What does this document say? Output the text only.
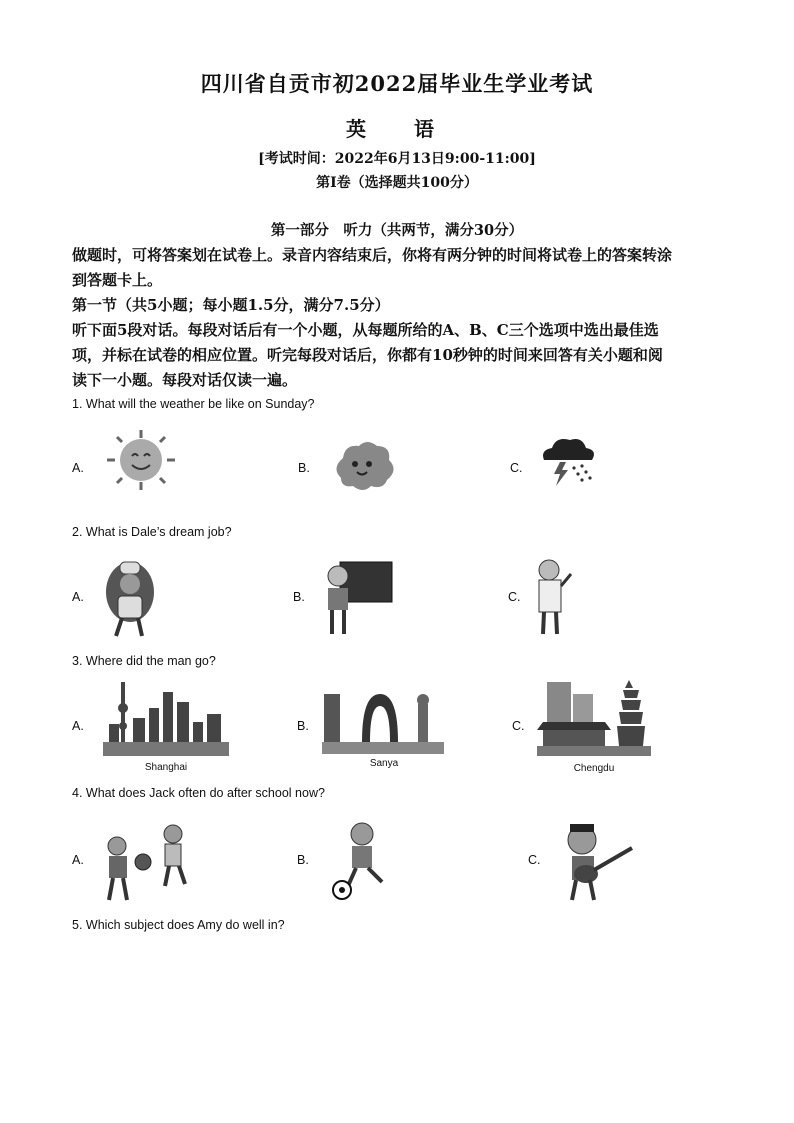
四川省自贡市初2022届毕业生学业考试
英　语
[考试时间：2022年6月13日9:00-11:00]
第Ⅰ卷（选择题共100分）
第一部分　听力（共两节，满分30分）
做题时，可将答案划在试卷上。录音内容结束后，你将有两分钟的时间将试卷上的答案转涂
到答题卡上。
第一节（共5小题；每小题1.5分，满分7.5分）
听下面5段对话。每段对话后有一个小题，从每题所给的A、B、C三个选项中选出最佳选
项，并标在试卷的相应位置。听完每段对话后，你都有10秒钟的时间来回答有关小题和阅
读下一小题。每段对话仅读一遍。
1. What will the weather be like on Sunday?
A.	B.	C.
2. What is Dale’s dream job?
A.	B.	C.
3. Where did the man go?
A.
Shanghai
B.
Sanya
C.
Chengdu
4. What does Jack often do after school now?
A.	B.	C.
5. Which subject does Amy do well in?
